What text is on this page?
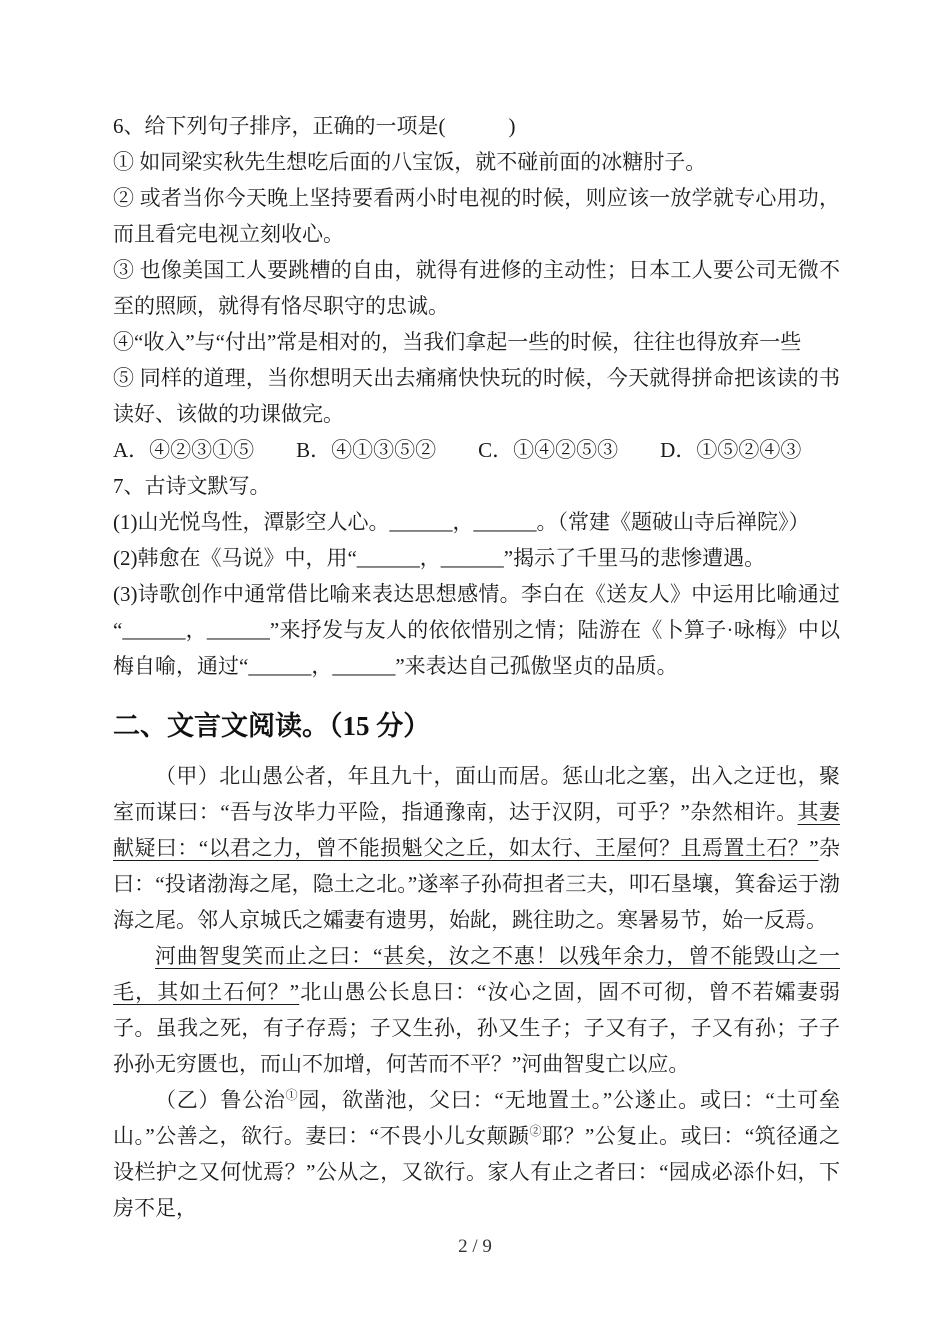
6、给下列句子排序，正确的一项是(　　　)

① 如同梁实秋先生想吃后面的八宝饭，就不碰前面的冰糖肘子。

② 或者当你今天晚上坚持要看两小时电视的时候，则应该一放学就专心用功，而且看完电视立刻收心。

③ 也像美国工人要跳槽的自由，就得有进修的主动性；日本工人要公司无微不至的照顾，就得有恪尽职守的忠诚。

④“收入”与“付出”常是相对的，当我们拿起一些的时候，往往也得放弃一些

⑤ 同样的道理，当你想明天出去痛痛快快玩的时候，今天就得拼命把该读的书读好、该做的功课做完。

A．④②③①⑤　　B．④①③⑤②　　C．①④②⑤③　　D．①⑤②④③

7、古诗文默写。

(1)山光悦鸟性，潭影空人心。______，______。（常建《题破山寺后禅院》）

(2)韩愈在《马说》中，用“______，______”揭示了千里马的悲惨遭遇。

(3)诗歌创作中通常借比喻来表达思想感情。李白在《送友人》中运用比喻通过“______，______”来抒发与友人的依依惜别之情；陆游在《卜算子·咏梅》中以梅自喻，通过“______，______”来表达自己孤傲坚贞的品质。

二、文言文阅读。（15 分）

（甲）北山愚公者，年且九十，面山而居。惩山北之塞，出入之迂也，聚室而谋曰：“吾与汝毕力平险，指通豫南，达于汉阴，可乎？”杂然相许。其妻献疑曰：“以君之力，曾不能损魁父之丘，如太行、王屋何？且焉置土石？”杂曰：“投诸渤海之尾，隐土之北。”遂率子孙荷担者三夫，叩石垦壤，箕畚运于渤海之尾。邻人京城氏之孀妻有遗男，始龀，跳往助之。寒暑易节，始一反焉。

河曲智叟笑而止之曰：“甚矣，汝之不惠！以残年余力，曾不能毁山之一毛，其如土石何？”北山愚公长息曰：“汝心之固，固不可彻，曾不若孀妻弱子。虽我之死，有子存焉；子又生孙，孙又生子；子又有子，子又有孙；子子孙孙无穷匮也，而山不加增，何苦而不平？”河曲智叟亡以应。

（乙）鲁公治①园，欲凿池，父曰：“无地置土。”公遂止。或曰：“土可垒山。”公善之，欲行。妻曰：“不畏小儿女颠踬②耶？”公复止。或曰：“筑径通之设栏护之又何忧焉？”公从之，又欲行。家人有止之者曰：“园成必添仆妇，下房不足，

2 / 9
